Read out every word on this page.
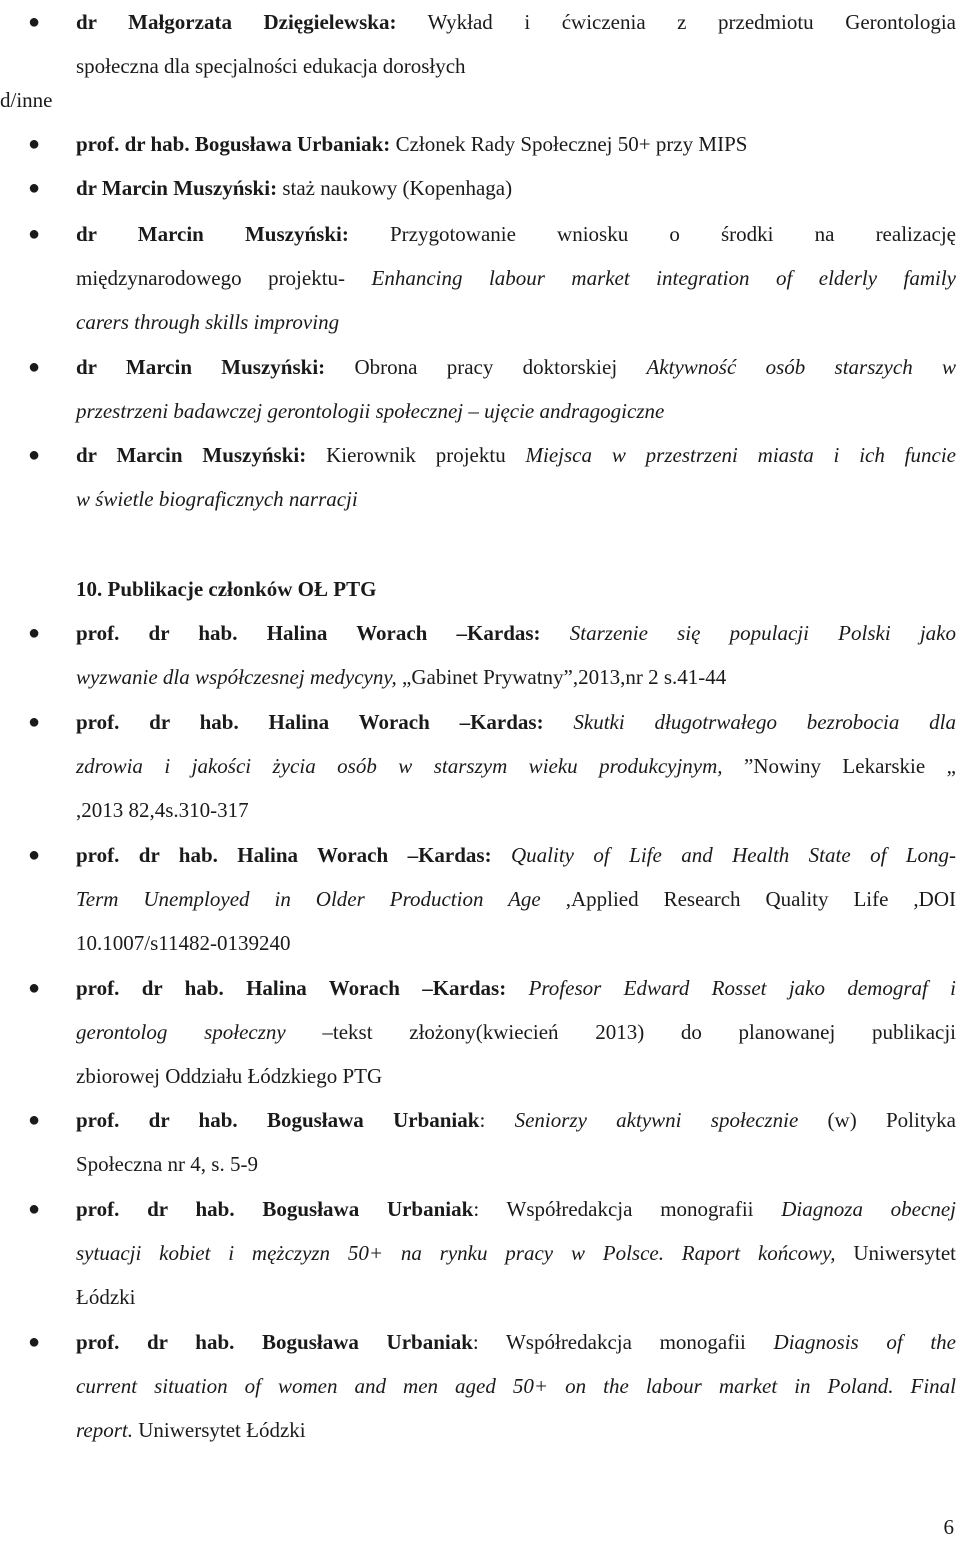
● dr Małgorzata Dzięgielewska: Wykład i ćwiczenia z przedmiotu Gerontologia
społeczna dla specjalności edukacja dorosłych
d/inne
● prof. dr hab. Bogusława Urbaniak: Członek Rady Społecznej 50+ przy MIPS
● dr Marcin Muszyński: staż naukowy (Kopenhaga)
● dr Marcin Muszyński: Przygotowanie wniosku o środki na realizację
międzynarodowego projektu- Enhancing labour market integration of elderly family
carers through skills improving
● dr Marcin Muszyński: Obrona pracy doktorskiej Aktywność osób starszych w
przestrzeni badawczej gerontologii społecznej – ujęcie andragogiczne
● dr Marcin Muszyński: Kierownik projektu Miejsca w przestrzeni miasta i ich funcie
w świetle biograficznych narracji
10. Publikacje członków OŁ PTG
● prof. dr hab. Halina Worach –Kardas: Starzenie się populacji Polski jako
wyzwanie dla współczesnej medycyny, „Gabinet Prywatny”,2013,nr 2 s.41-44
● prof. dr hab. Halina Worach –Kardas: Skutki długotrwałego bezrobocia dla
zdrowia i jakości życia osób w starszym wieku produkcyjnym, ”Nowiny Lekarskie „
,2013 82,4s.310-317
● prof. dr hab. Halina Worach –Kardas: Quality of Life and Health State of Long-
Term Unemployed in Older Production Age ,Applied Research Quality Life ,DOI
10.1007/s11482-0139240
● prof. dr hab. Halina Worach –Kardas: Profesor Edward Rosset jako demograf i
gerontolog społeczny –tekst złożony(kwiecień 2013) do planowanej publikacji
zbiorowej Oddziału Łódzkiego PTG
● prof. dr hab. Bogusława Urbaniak: Seniorzy aktywni społecznie (w) Polityka
Społeczna nr 4, s. 5-9
● prof. dr hab. Bogusława Urbaniak: Współredakcja monografii Diagnoza obecnej
sytuacji kobiet i mężczyzn 50+ na rynku pracy w Polsce. Raport końcowy, Uniwersytet
Łódzki
● prof. dr hab. Bogusława Urbaniak: Współredakcja monogafii Diagnosis of the
current situation of women and men aged 50+ on the labour market in Poland. Final
report. Uniwersytet Łódzki
6
